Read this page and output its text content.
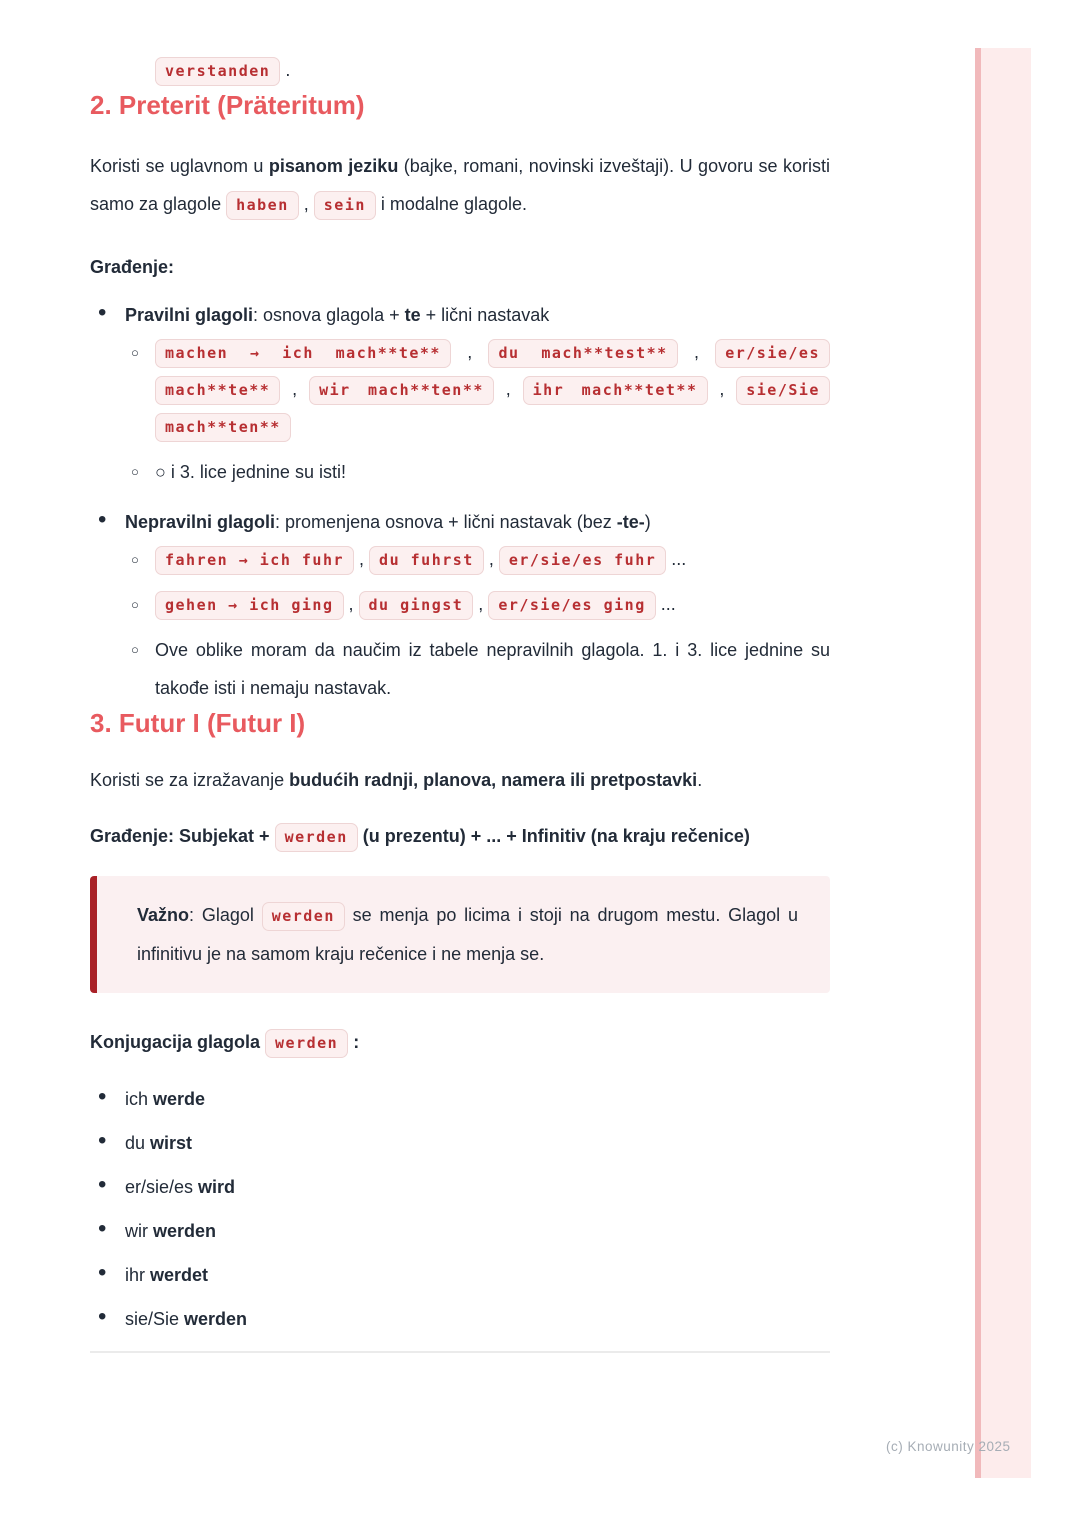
verstanden .

2. Preterit (Präteritum)

Koristi se uglavnom u pisanom jeziku (bajke, romani, novinski izveštaji). U govoru se koristi samo za glagole haben , sein i modalne glagole.

Građenje:

• Pravilni glagoli: osnova glagola + te + lični nastavak
○ machen → ich mach**te** , du mach**test** , er/sie/es mach**te** , wir mach**ten** , ihr mach**tet** , sie/Sie mach**ten**
○ ○ i 3. lice jednine su isti!
• Nepravilni glagoli: promenjena osnova + lični nastavak (bez -te-)
○ fahren → ich fuhr , du fuhrst , er/sie/es fuhr ...
○ gehen → ich ging , du gingst , er/sie/es ging ...
○ Ove oblike moram da naučim iz tabele nepravilnih glagola. 1. i 3. lice jednine su takođe isti i nemaju nastavak.
3. Futur I (Futur I)

Koristi se za izražavanje budućih radnji, planova, namera ili pretpostavki.

Građenje: Subjekat + werden (u prezentu) + ... + Infinitiv (na kraju rečenice)

Važno: Glagol werden se menja po licima i stoji na drugom mestu. Glagol u infinitivu je na samom kraju rečenice i ne menja se.

Konjugacija glagola werden :

• ich werde
• du wirst
• er/sie/es wird
• wir werden
• ihr werdet
• sie/Sie werden
(c) Knowunity 2025
